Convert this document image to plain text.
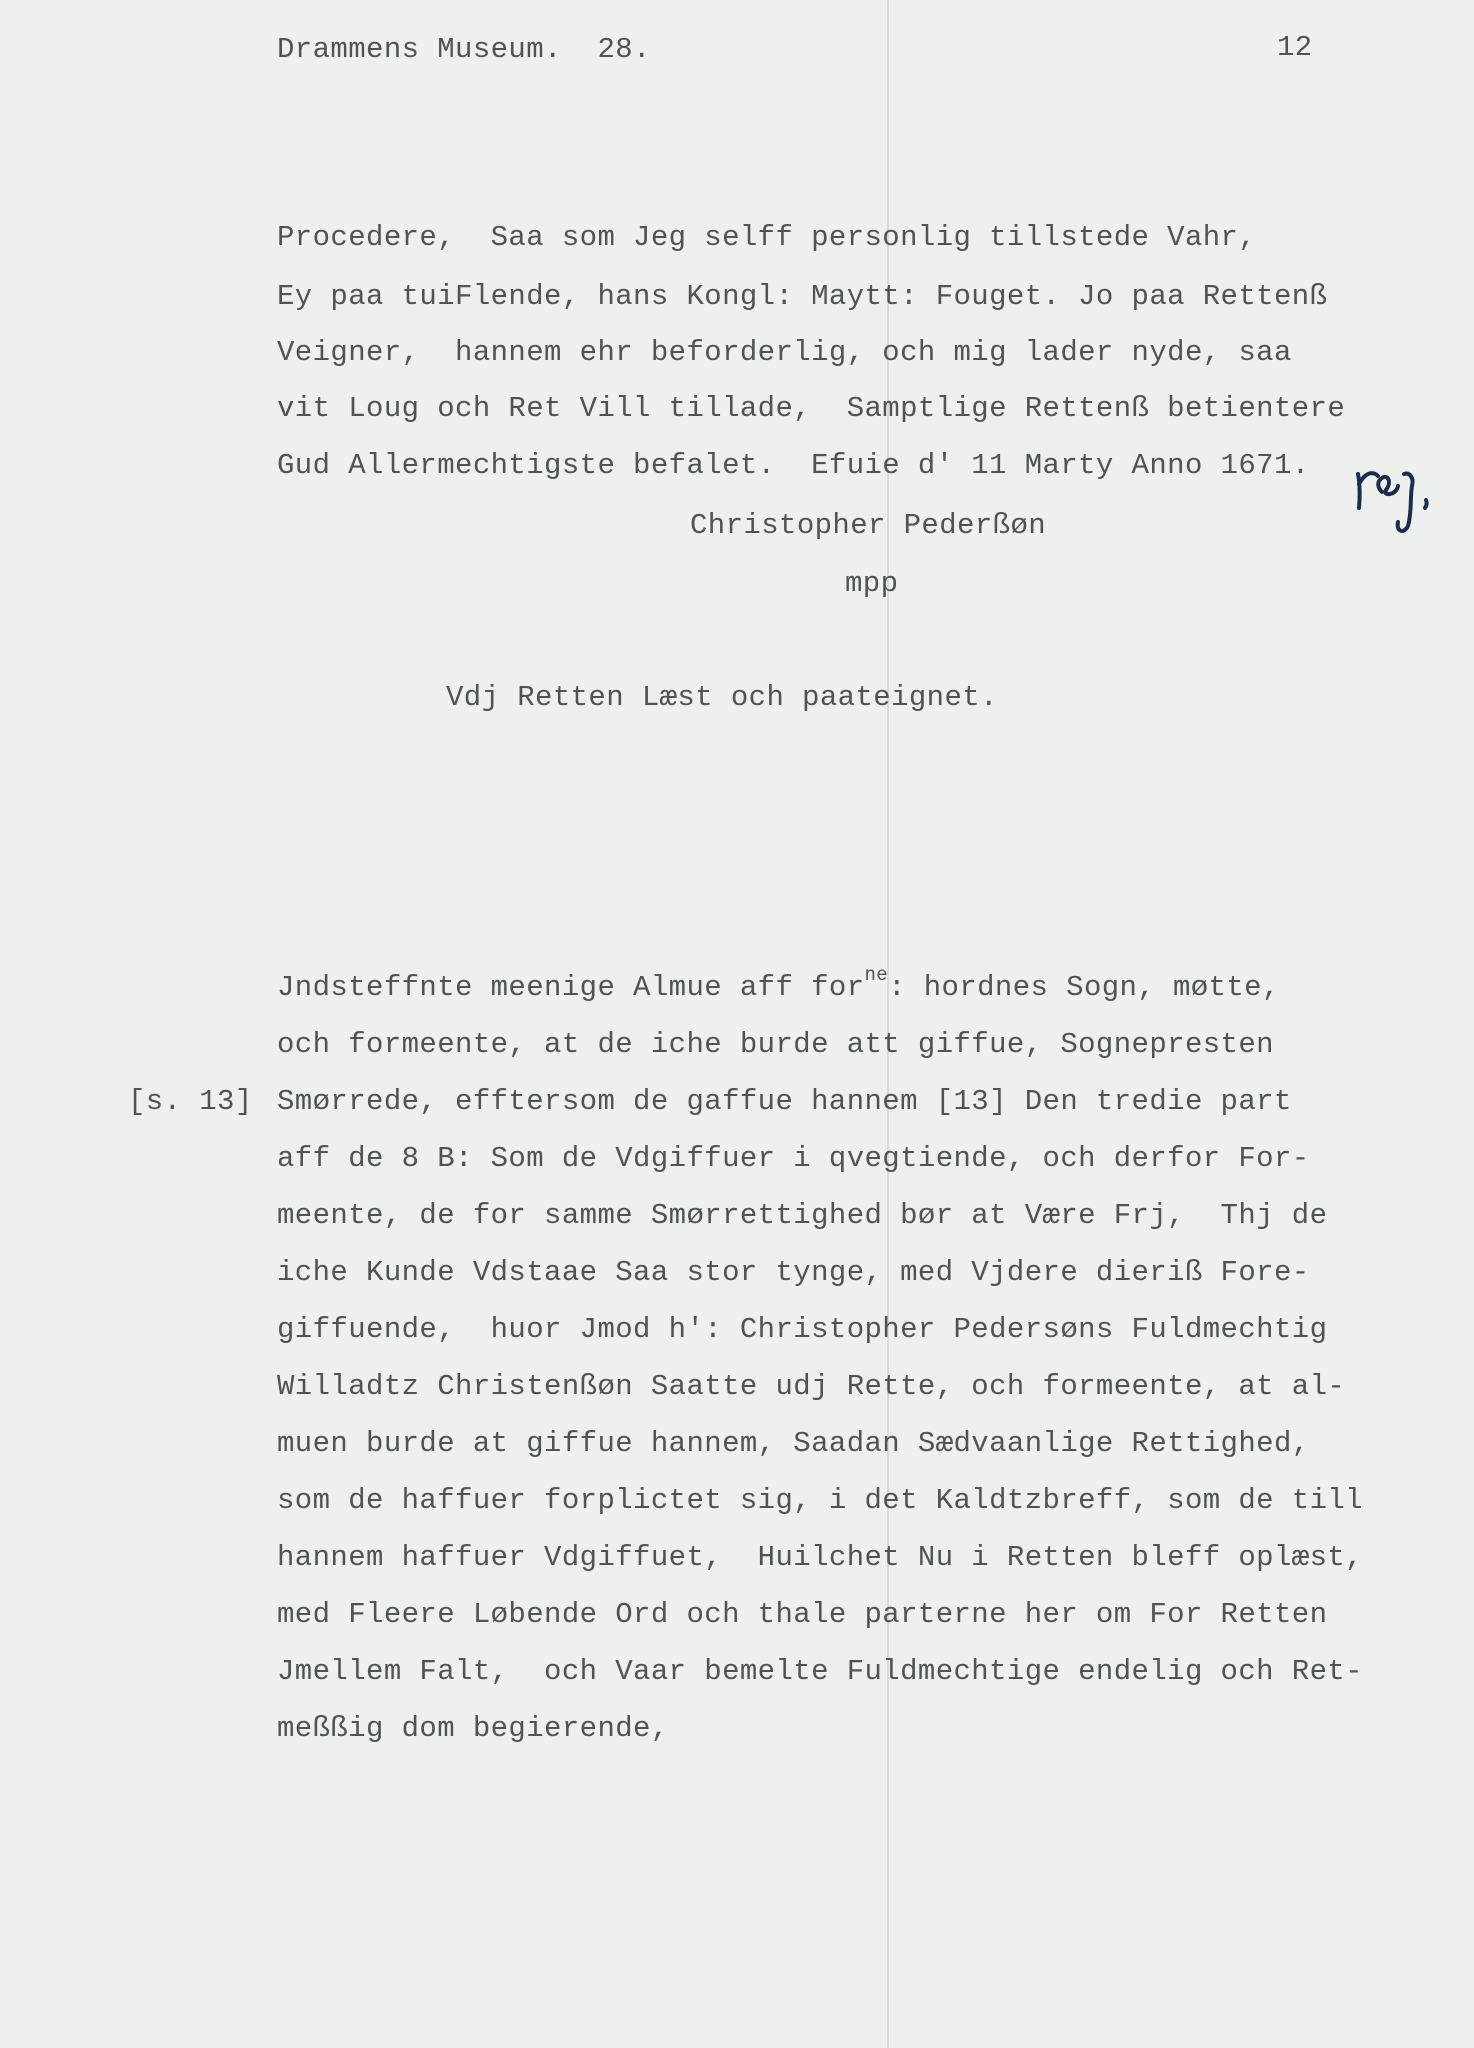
Drammens Museum.  28.	12
Procedere,  Saa som Jeg selff personlig tillstede Vahr,
Ey paa tuiFlende, hans Kongl: Maytt: Fouget. Jo paa Rettenß
Veigner,  hannem ehr beforderlig, och mig lader nyde, saa
vit Loug och Ret Vill tillade,  Samptlige Rettenß betientere
Gud Allermechtigste befalet.  Efuie d' 11 Marty Anno 1671.
Christopher Pederßøn
mpp
Vdj Retten Læst och paateignet.
Jndsteffnte meenige Almue aff for$^{ne}$: hordnes Sogn, møtte,
och formeente, at de iche burde att giffue, Sognepresten
[s. 13] Smørrede, efftersom de gaffue hannem [13] Den tredie part
aff de 8 B: Som de Vdgiffuer i qvegtiende, och derfor For-
meente, de for samme Smørrettighed bør at Være Frj,  Thj de
iche Kunde Vdstaae Saa stor tynge, med Vjdere dieriß Fore-
giffuende,  huor Jmod h': Christopher Pedersøns Fuldmechtig
Willadtz Christenßøn Saatte udj Rette, och formeente, at al-
muen burde at giffue hannem, Saadan Sædvaanlige Rettighed,
som de haffuer forplictet sig, i det Kaldtzbreff, som de till
hannem haffuer Vdgiffuet,  Huilchet Nu i Retten bleff oplæst,
med Fleere Løbende Ord och thale parterne her om For Retten
Jmellem Falt,  och Vaar bemelte Fuldmechtige endelig och Ret-
meßßig dom begierende,
